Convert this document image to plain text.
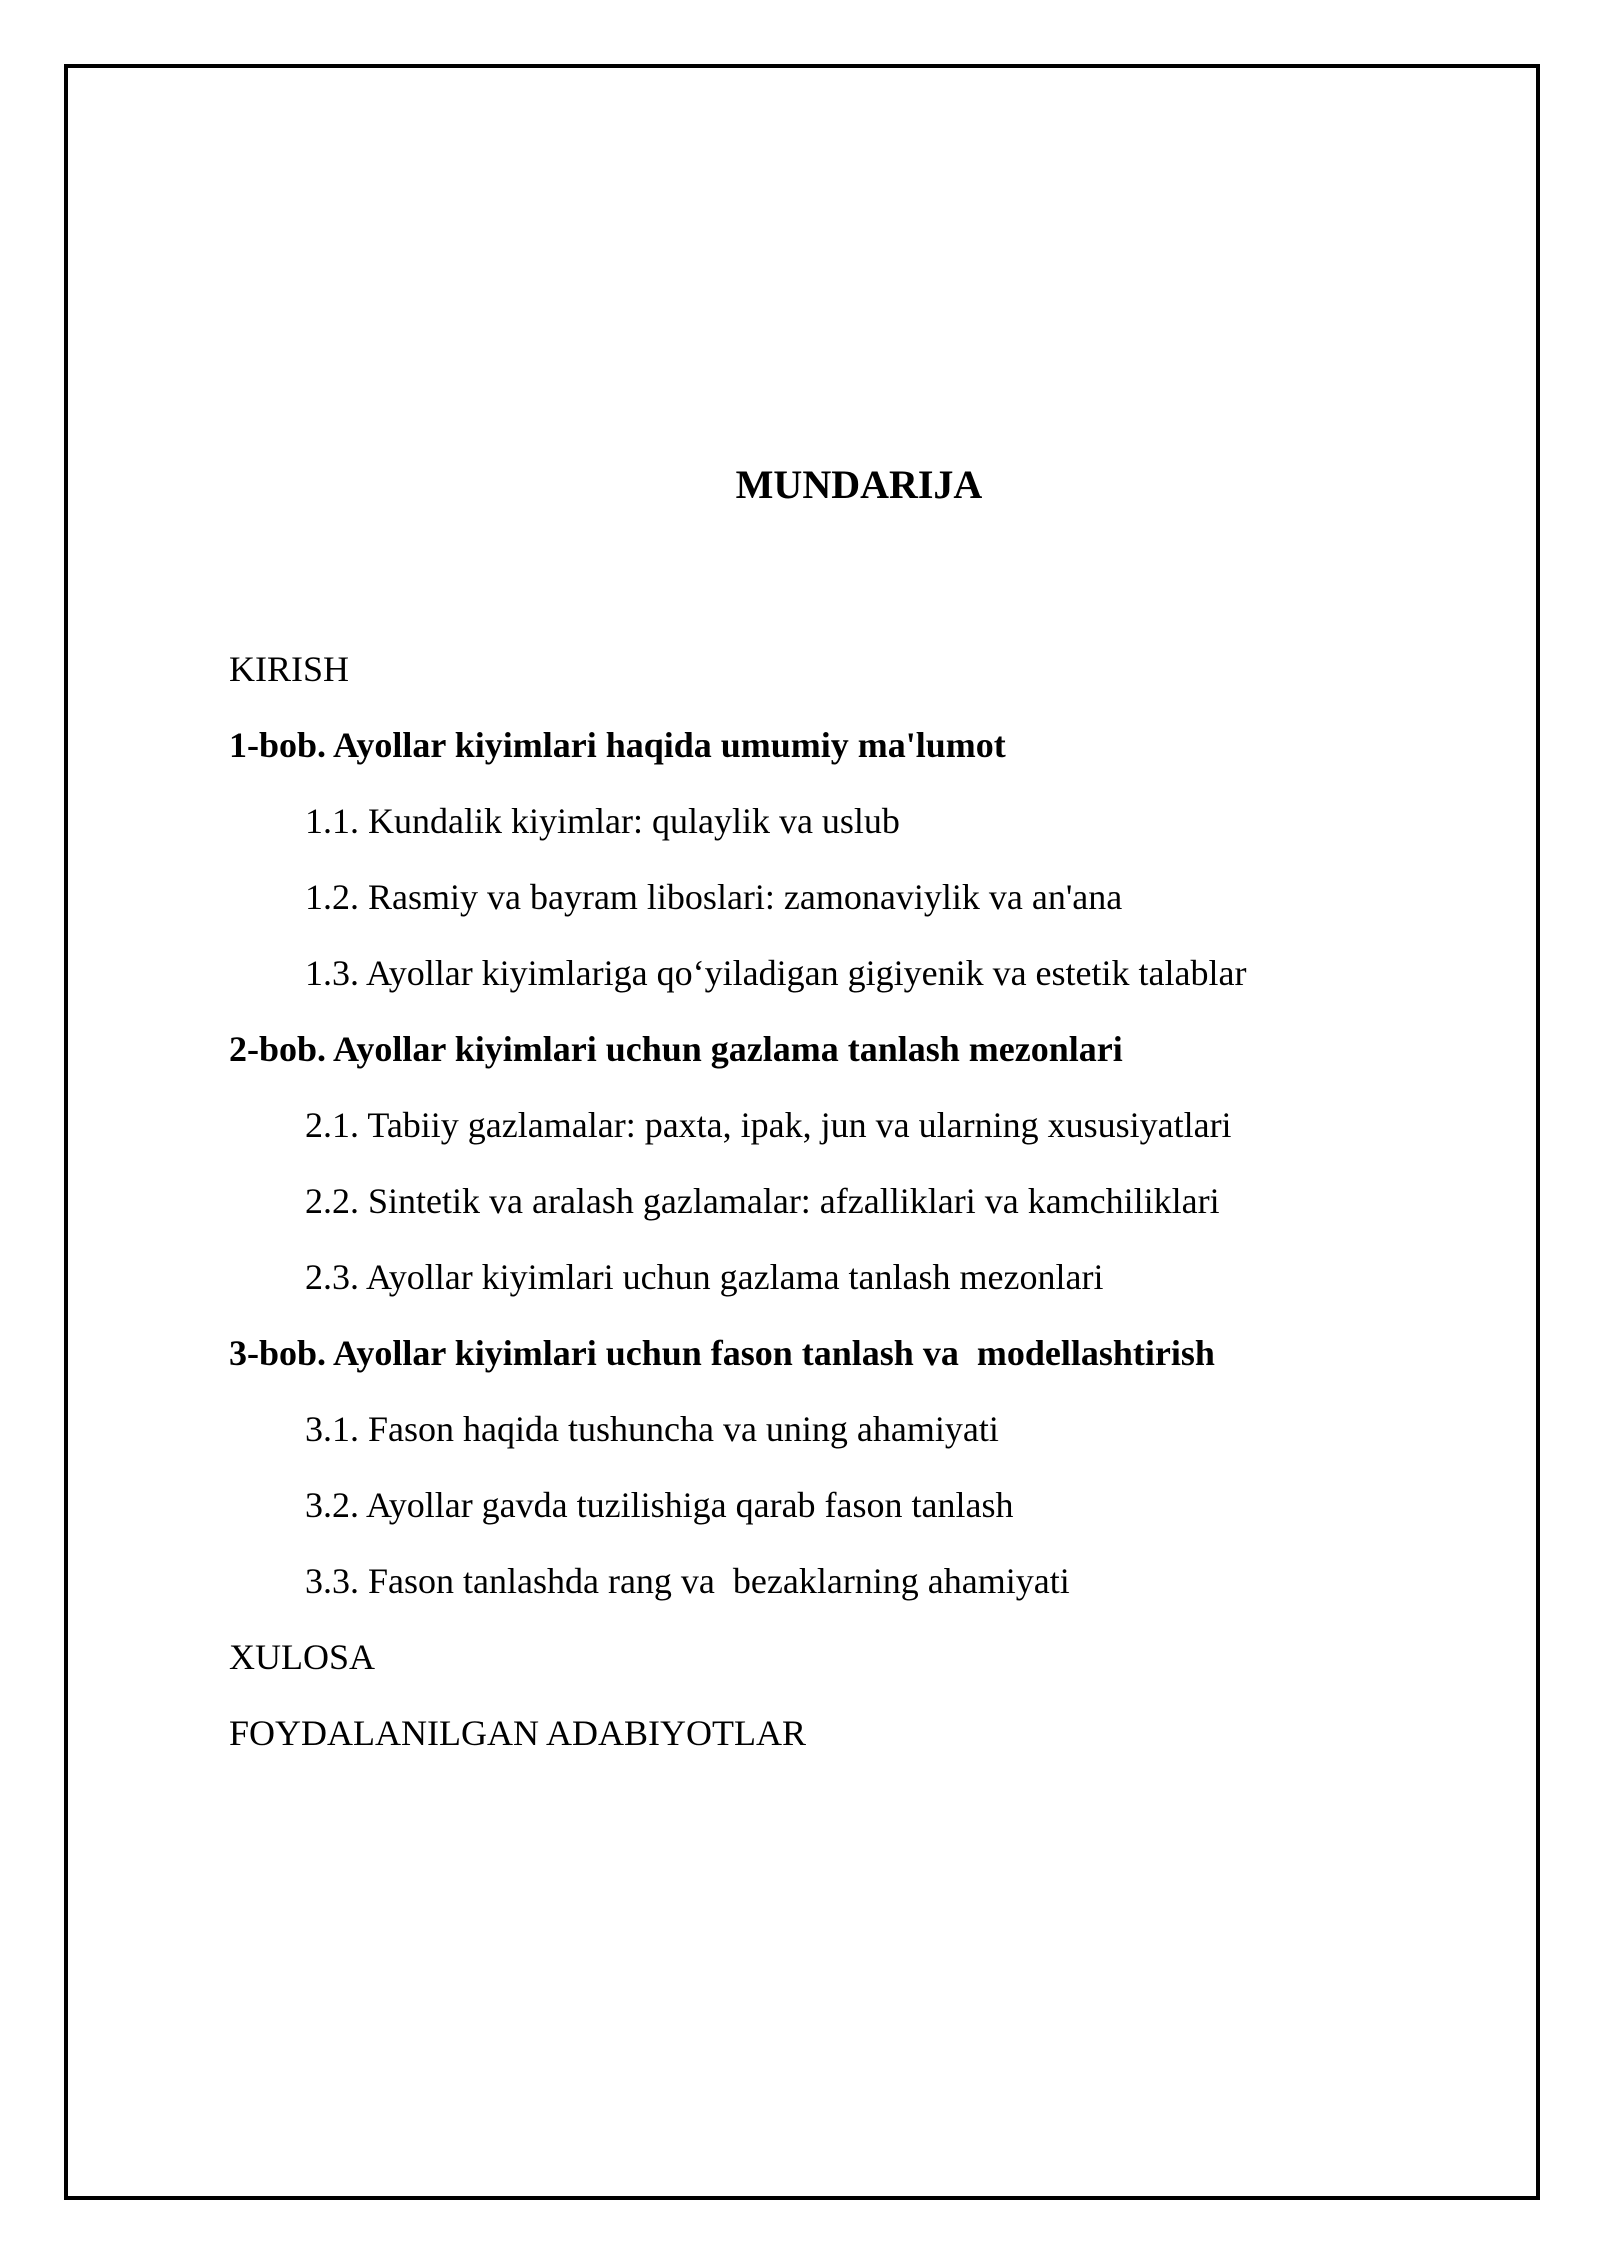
MUNDARIJA
KIRISH
1-bob. Ayollar kiyimlari haqida umumiy ma'lumot
1.1. Kundalik kiyimlar: qulaylik va uslub
1.2. Rasmiy va bayram liboslari: zamonaviylik va an'ana
1.3. Ayollar kiyimlariga qoʻyiladigan gigiyenik va estetik talablar
2-bob. Ayollar kiyimlari uchun gazlama tanlash mezonlari
2.1. Tabiiy gazlamalar: paxta, ipak, jun va ularning xususiyatlari
2.2. Sintetik va aralash gazlamalar: afzalliklari va kamchiliklari
2.3. Ayollar kiyimlari uchun gazlama tanlash mezonlari
3-bob. Ayollar kiyimlari uchun fason tanlash va  modellashtirish
3.1. Fason haqida tushuncha va uning ahamiyati
3.2. Ayollar gavda tuzilishiga qarab fason tanlash
3.3. Fason tanlashda rang va  bezaklarning ahamiyati
XULOSA
FOYDALANILGAN ADABIYOTLAR
